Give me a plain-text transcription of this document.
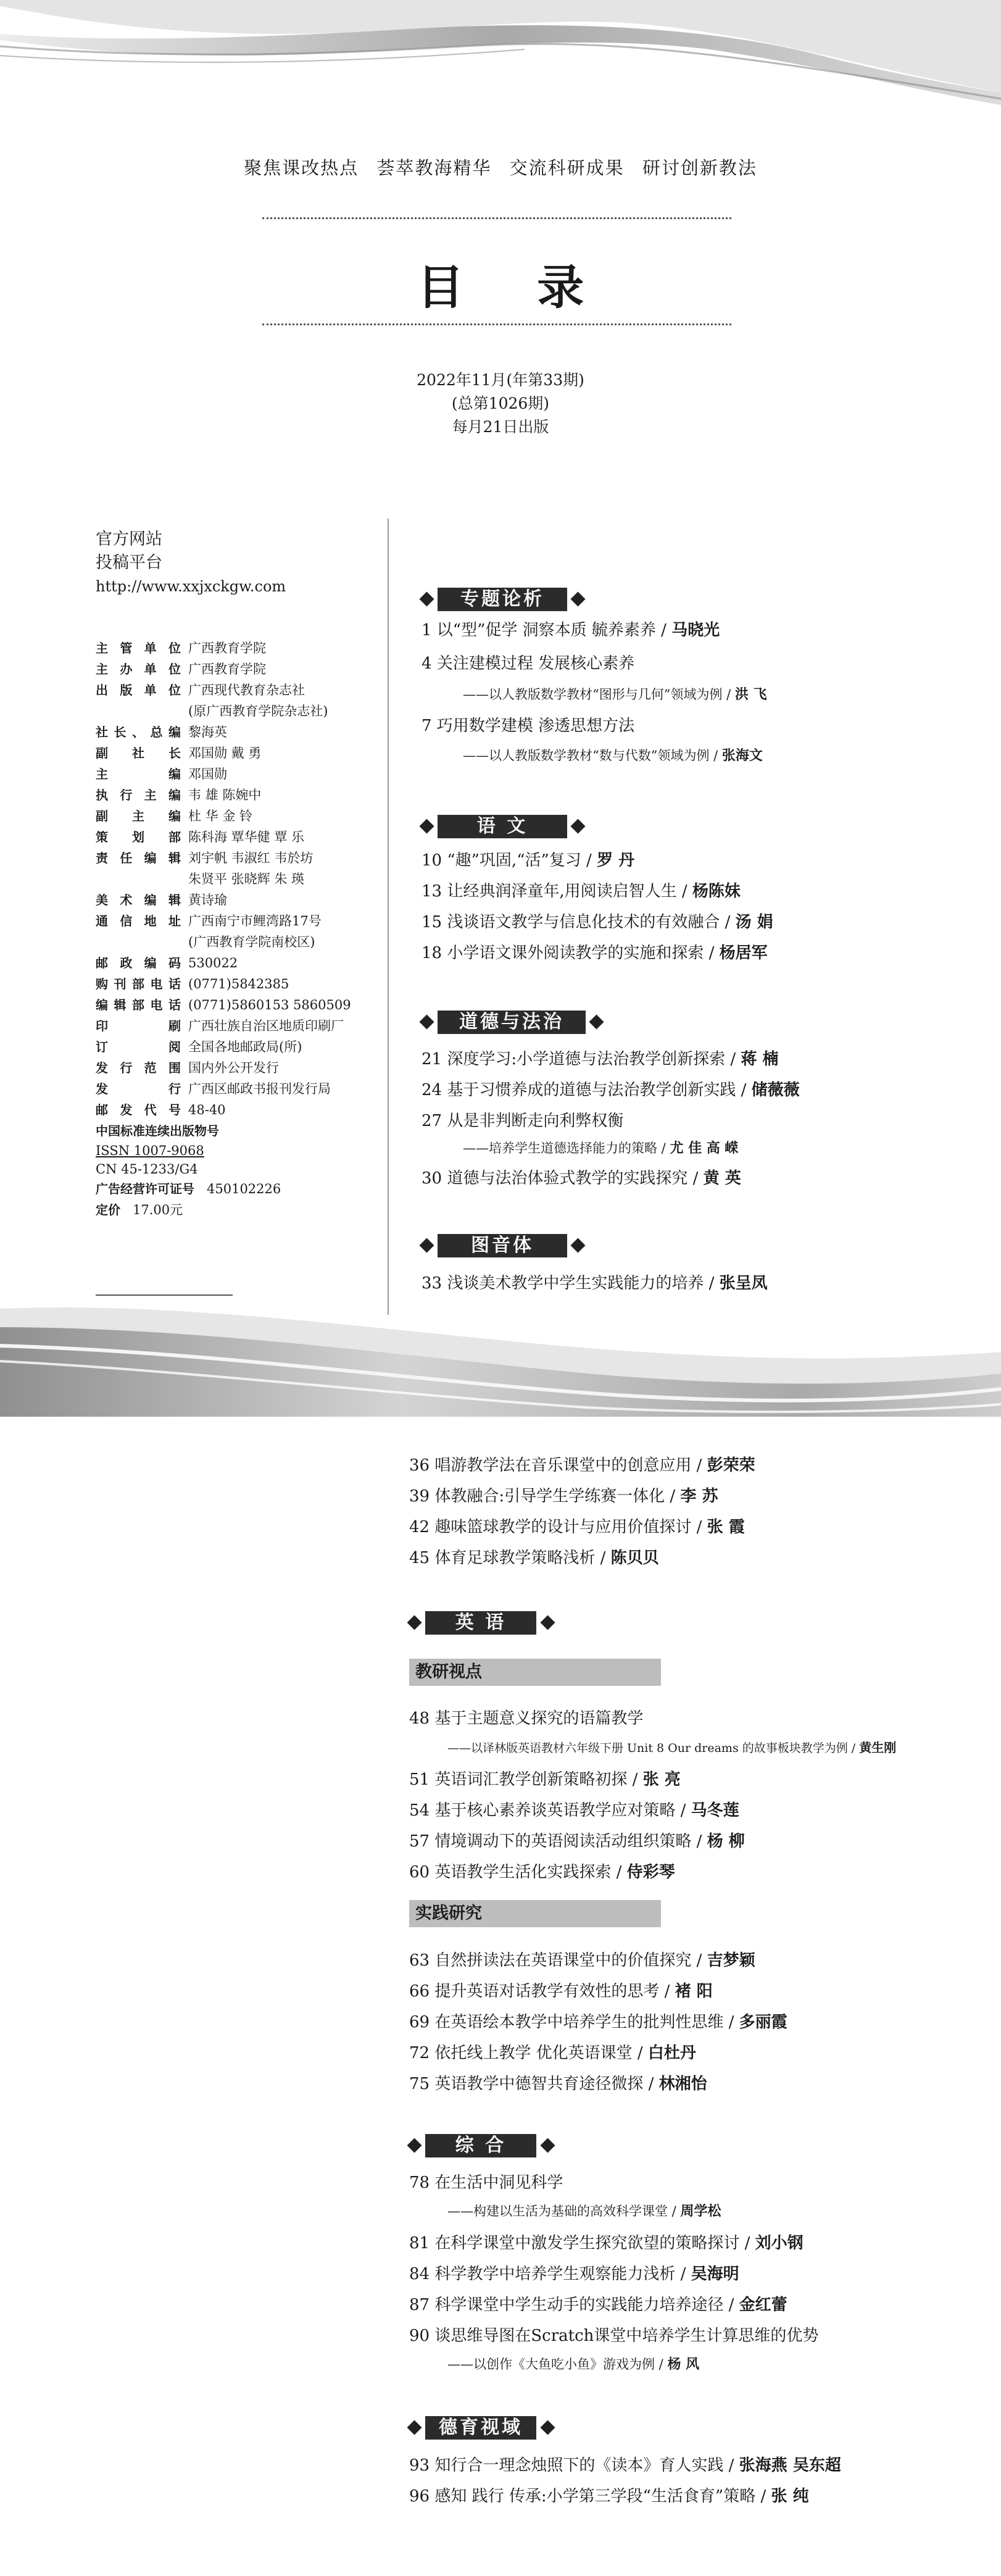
聚焦课改热点 荟萃教海精华 交流科研成果 研讨创新教法
目 录
2022年11月(年第33期)
(总第1026期)
每月21日出版
官方网站
投稿平台
http://www.xxjxckgw.com
主管单位 广西教育学院
主办单位 广西教育学院
出版单位 广西现代教育杂志社
(原广西教育学院杂志社)
社长、总编 黎海英
副社长 邓国勋 戴 勇
主编 邓国勋
执行主编 韦 雄 陈婉中
副主编 杜 华 金 铃
策划部 陈科海 覃华健 覃 乐
责任编辑 刘宇帆 韦淑红 韦於坊
朱贤平 张晓辉 朱 瑛
美术编辑 黄诗瑜
通信地址 广西南宁市鲤湾路17号
(广西教育学院南校区)
邮政编码 530022
购刊部电话 (0771)5842385
编辑部电话 (0771)5860153 5860509
印刷 广西壮族自治区地质印刷厂
订阅 全国各地邮政局(所)
发行范围 国内外公开发行
发行 广西区邮政书报刊发行局
邮发代号 48-40
中国标准连续出版物号
ISSN 1007-9068
CN 45-1233/G4
广告经营许可证号 450102226
定价 17.00元
专题论析
语 文
道德与法治
图音体
英 语
综 合
德育视域
教研视点
实践研究
1 以“型”促学 洞察本质 毓养素养 / 马晓光
4 关注建模过程 发展核心素养
——以人教版数学教材“图形与几何”领域为例 / 洪 飞
7 巧用数学建模 渗透思想方法
——以人教版数学教材“数与代数”领域为例 / 张海文
10 “趣”巩固,“活”复习 / 罗 丹
13 让经典润泽童年,用阅读启智人生 / 杨陈妹
15 浅谈语文教学与信息化技术的有效融合 / 汤 娟
18 小学语文课外阅读教学的实施和探索 / 杨居军
21 深度学习:小学道德与法治教学创新探索 / 蒋 楠
24 基于习惯养成的道德与法治教学创新实践 / 储薇薇
27 从是非判断走向利弊权衡
——培养学生道德选择能力的策略 / 尤 佳 高 嵘
30 道德与法治体验式教学的实践探究 / 黄 英
33 浅谈美术教学中学生实践能力的培养 / 张呈凤
36 唱游教学法在音乐课堂中的创意应用 / 彭荣荣
39 体教融合:引导学生学练赛一体化 / 李 苏
42 趣味篮球教学的设计与应用价值探讨 / 张 霞
45 体育足球教学策略浅析 / 陈贝贝
48 基于主题意义探究的语篇教学
——以译林版英语教材六年级下册 Unit 8 Our dreams 的故事板块教学为例 / 黄生刚
51 英语词汇教学创新策略初探 / 张 亮
54 基于核心素养谈英语教学应对策略 / 马冬莲
57 情境调动下的英语阅读活动组织策略 / 杨 柳
60 英语教学生活化实践探索 / 侍彩琴
63 自然拼读法在英语课堂中的价值探究 / 吉梦颖
66 提升英语对话教学有效性的思考 / 褚 阳
69 在英语绘本教学中培养学生的批判性思维 / 多丽霞
72 依托线上教学 优化英语课堂 / 白杜丹
75 英语教学中德智共育途径微探 / 林湘怡
78 在生活中洞见科学
——构建以生活为基础的高效科学课堂 / 周学松
81 在科学课堂中激发学生探究欲望的策略探讨 / 刘小钢
84 科学教学中培养学生观察能力浅析 / 吴海明
87 科学课堂中学生动手的实践能力培养途径 / 金红蕾
90 谈思维导图在Scratch课堂中培养学生计算思维的优势
——以创作《大鱼吃小鱼》游戏为例 / 杨 风
93 知行合一理念烛照下的《读本》育人实践 / 张海燕 吴东超
96 感知 践行 传承:小学第三学段“生活食育”策略 / 张 纯
